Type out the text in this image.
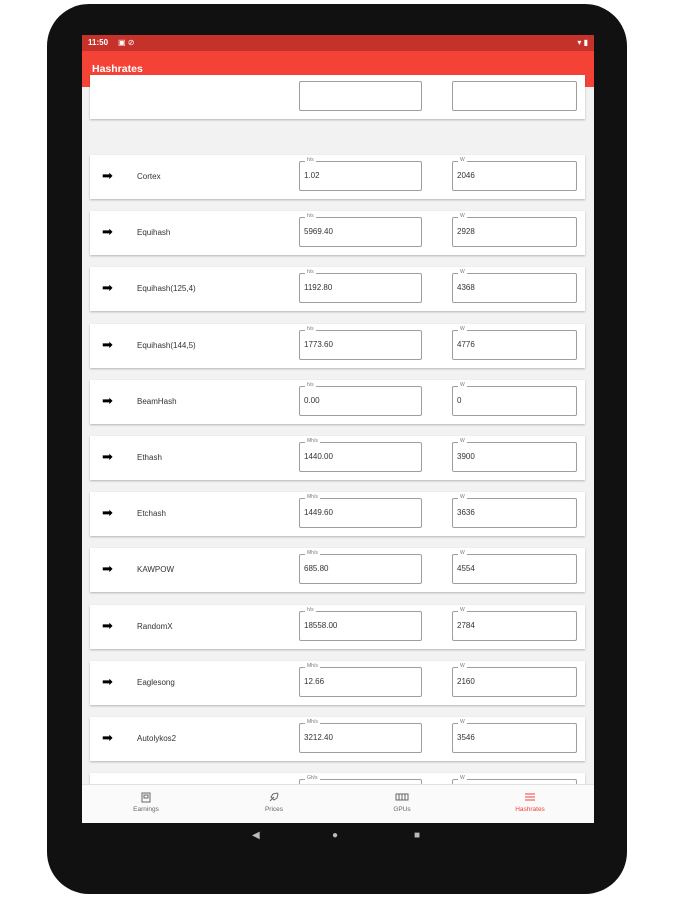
11:50 ▣ ⊘	▾ ▮
Hashrates
➡	Cortex
h/s
1.02
W
2046
➡	Equihash
h/s
5969.40
W
2928
➡	Equihash(125,4)
h/s
1192.80
W
4368
➡	Equihash(144,5)
h/s
1773.60
W
4776
➡	BeamHash
h/s
0.00
W
0
➡	Ethash
Mh/s
1440.00
W
3900
➡	Etchash
Mh/s
1449.60
W
3636
➡	KAWPOW
Mh/s
685.80
W
4554
➡	RandomX
h/s
18558.00
W
2784
➡	Eaglesong
Mh/s
12.66
W
2160
➡	Autolykos2
Mh/s
3212.40
W
3546
Gh/s	W
Earnings	Prices	GPUs	Hashrates
◀	●	■
